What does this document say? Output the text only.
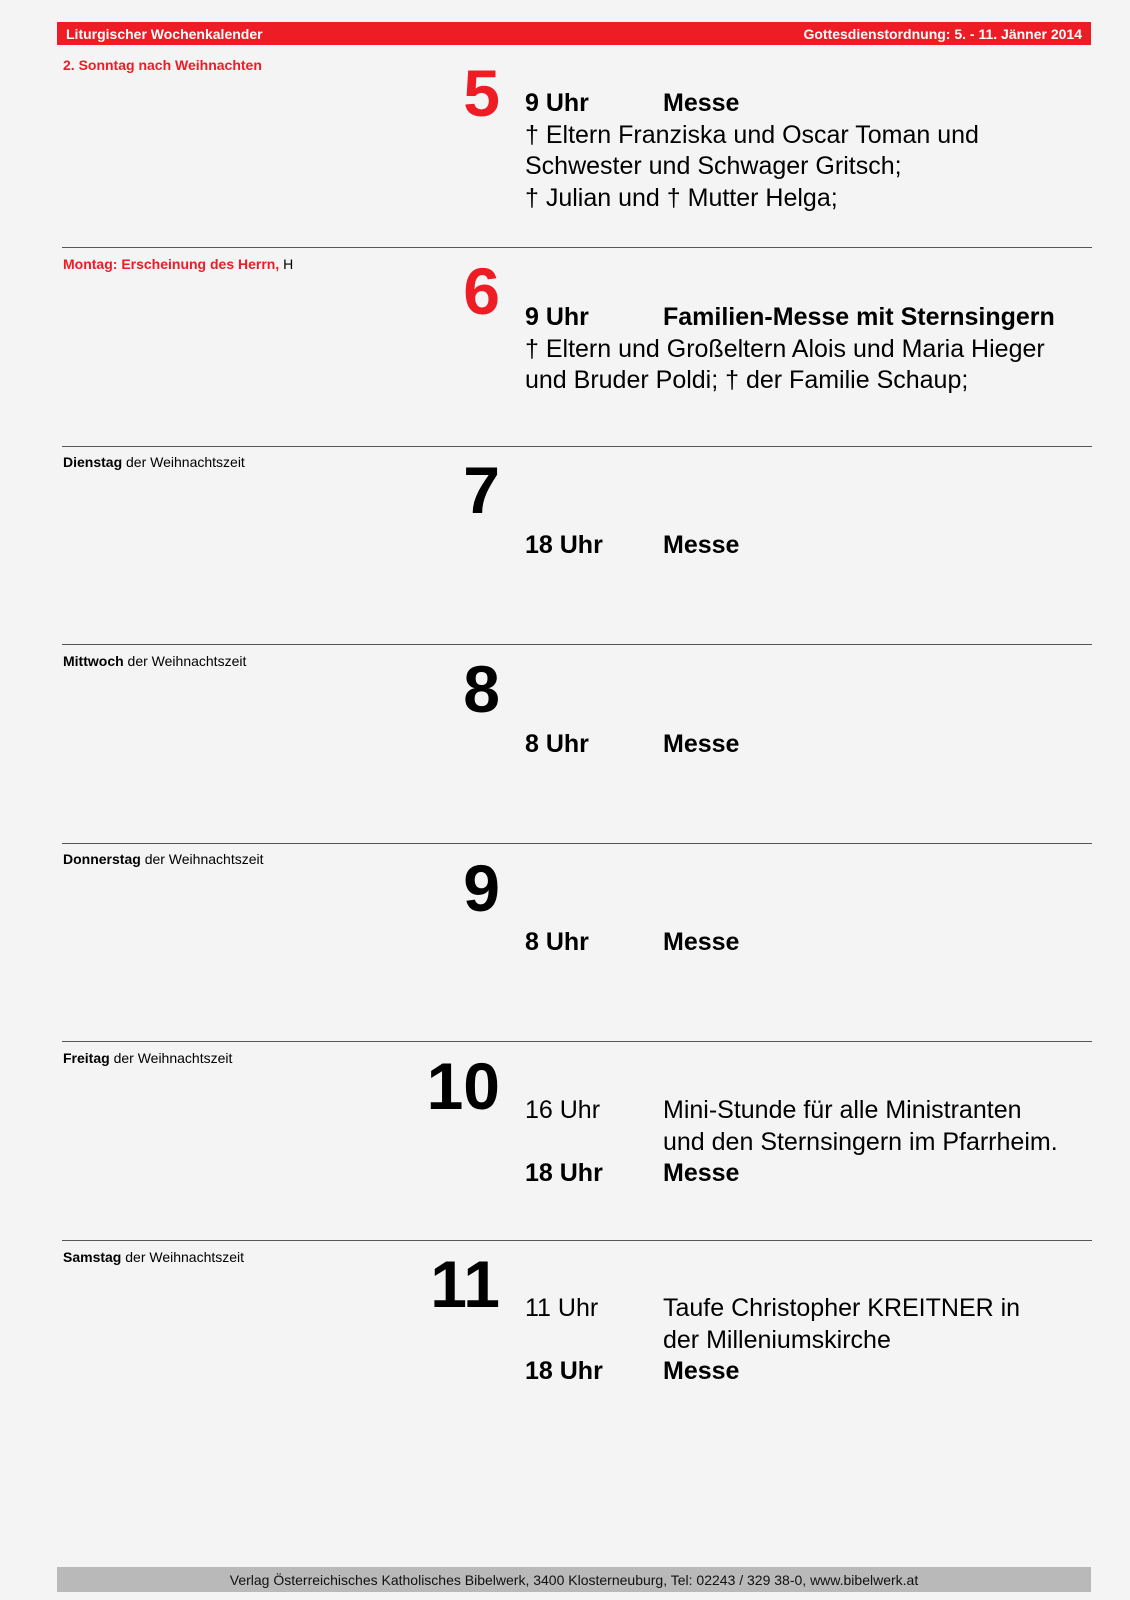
Liturgischer Wochenkalender	Gottesdienstordnung: 5. - 11. Jänner 2014
2. Sonntag nach Weihnachten	5 9 Uhr	Messe
† Eltern Franziska und Oscar Toman und
Schwester und Schwager Gritsch;
† Julian und † Mutter Helga;
Montag: Erscheinung des Herrn, H	6 9 Uhr	Familien-Messe mit Sternsingern
† Eltern und Großeltern Alois und Maria Hieger
und Bruder Poldi; † der Familie Schaup;
Dienstag der Weihnachtszeit	7
18 Uhr	Messe
Mittwoch der Weihnachtszeit	8
8 Uhr	Messe
Donnerstag der Weihnachtszeit	9
8 Uhr	Messe
Freitag der Weihnachtszeit	10 16 Uhr	Mini-Stunde für alle Ministranten
und den Sternsingern im Pfarrheim.
18 Uhr	Messe
Samstag der Weihnachtszeit	11 11 Uhr	Taufe Christopher KREITNER in
der Milleniumskirche
18 Uhr	Messe
Verlag Österreichisches Katholisches Bibelwerk, 3400 Klosterneuburg, Tel: 02243 / 329 38-0, www.bibelwerk.at
